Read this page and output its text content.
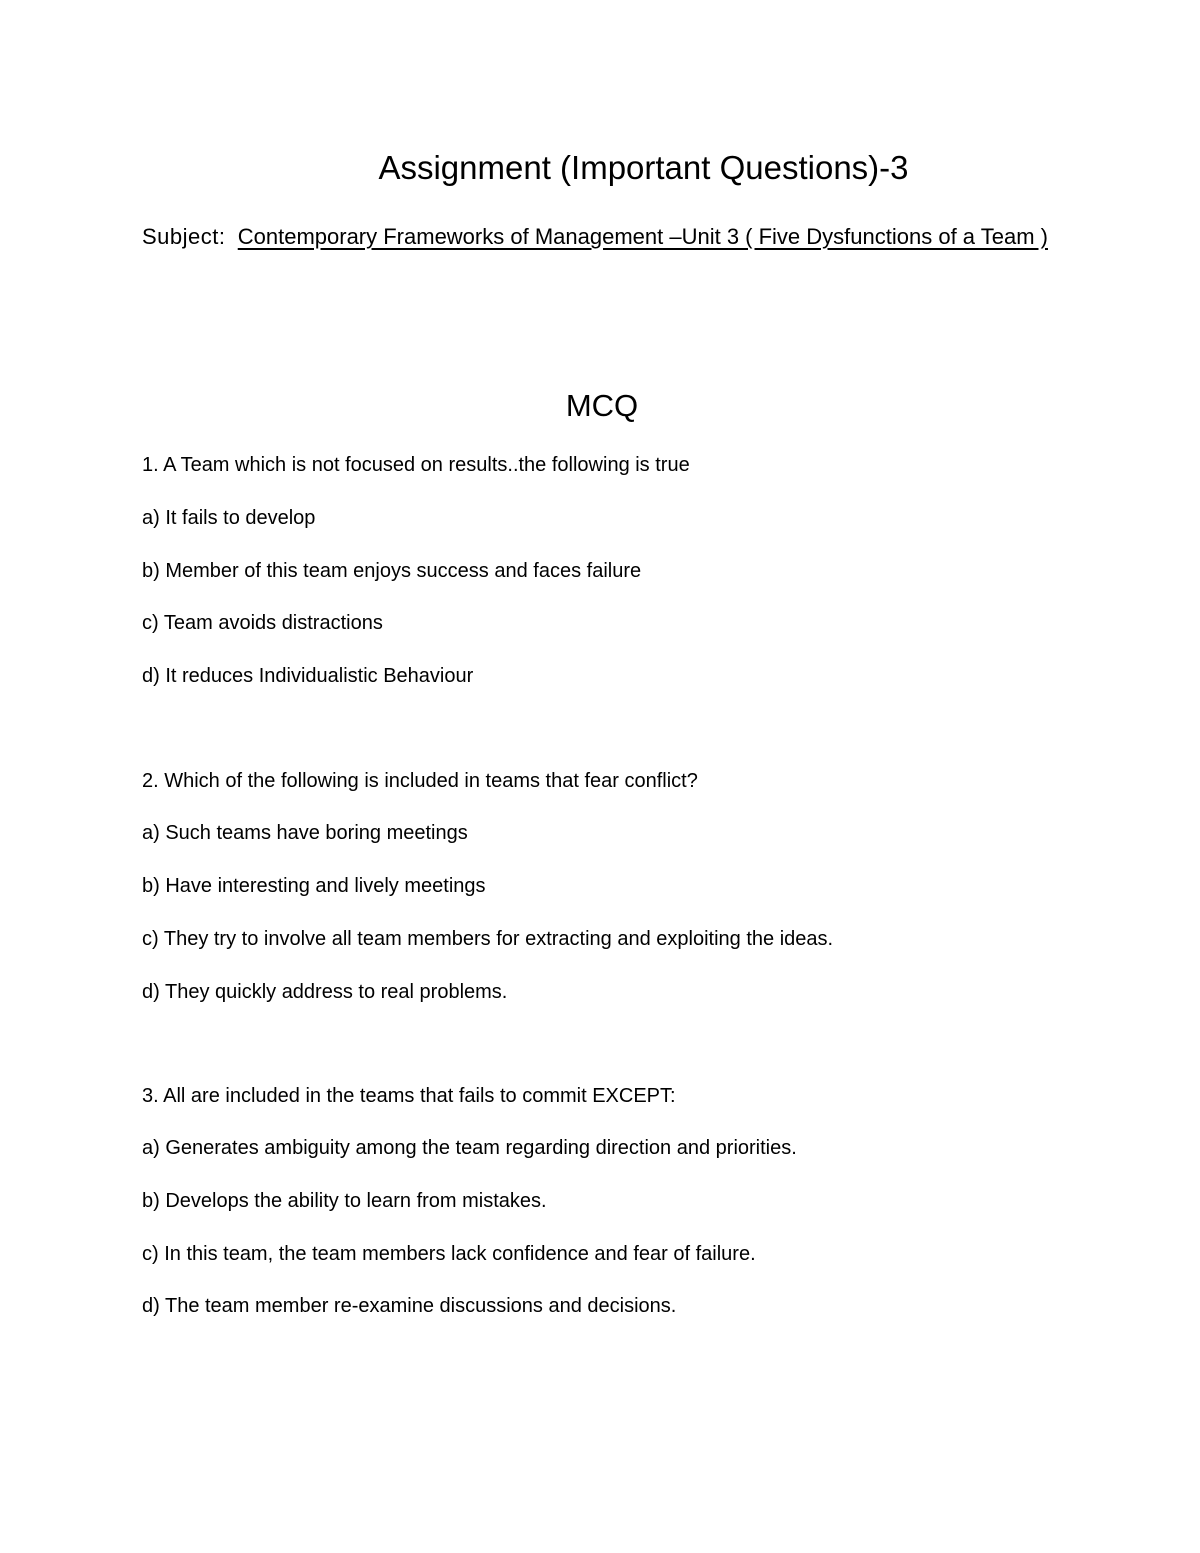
Assignment (Important Questions)-3
Subject: Contemporary Frameworks of Management –Unit 3 ( Five Dysfunctions of a Team )
MCQ
1. A Team which is not focused on results..the following is true
a) It fails to develop
b) Member of this team enjoys success and faces failure
c) Team avoids distractions
d) It reduces Individualistic Behaviour
2. Which of the following is included in teams that fear conflict?
a) Such teams have boring meetings
b) Have interesting and lively meetings
c) They try to involve all team members for extracting and exploiting the ideas.
d) They quickly address to real problems.
3. All are included in the teams that fails to commit EXCEPT:
a) Generates ambiguity among the team regarding direction and priorities.
b) Develops the ability to learn from mistakes.
c) In this team, the team members lack confidence and fear of failure.
d) The team member re-examine discussions and decisions.
